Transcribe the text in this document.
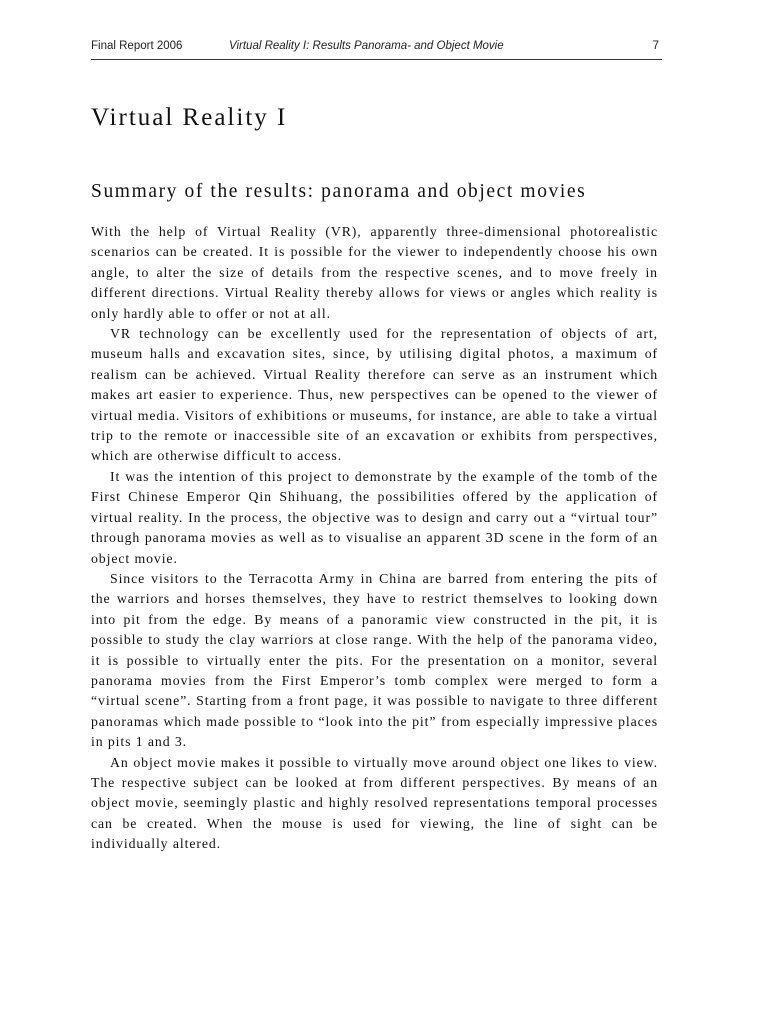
Final Report 2006	Virtual Reality I: Results Panorama- and Object Movie	7
Virtual Reality I
Summary of the results: panorama and object movies

With the help of Virtual Reality (VR), apparently three-dimensional photorealistic scenarios can be created. It is possible for the viewer to independently choose his own angle, to alter the size of details from the respective scenes, and to move freely in different directions. Virtual Reality thereby allows for views or angles which reality is only hardly able to offer or not at all.

VR technology can be excellently used for the representation of objects of art, museum halls and excavation sites, since, by utilising digital photos, a maximum of realism can be achieved. Virtual Reality therefore can serve as an instrument which makes art easier to experience. Thus, new perspectives can be opened to the viewer of virtual media. Visitors of exhibitions or museums, for instance, are able to take a virtual trip to the remote or inaccessible site of an excavation or exhibits from perspectives, which are otherwise difficult to access.

It was the intention of this project to demonstrate by the example of the tomb of the First Chinese Emperor Qin Shihuang, the possibilities offered by the application of virtual reality. In the process, the objective was to design and carry out a “virtual tour” through panorama movies as well as to visualise an apparent 3D scene in the form of an object movie.

Since visitors to the Terracotta Army in China are barred from entering the pits of the warriors and horses themselves, they have to restrict themselves to looking down into pit from the edge. By means of a panoramic view constructed in the pit, it is possible to study the clay warriors at close range. With the help of the panorama video, it is possible to virtually enter the pits. For the presentation on a monitor, several panorama movies from the First Emperor’s tomb complex were merged to form a “virtual scene”. Starting from a front page, it was possible to navigate to three different panoramas which made possible to “look into the pit” from especially impressive places in pits 1 and 3.

An object movie makes it possible to virtually move around object one likes to view. The respective subject can be looked at from different perspectives. By means of an object movie, seemingly plastic and highly resolved representations temporal processes can be created. When the mouse is used for viewing, the line of sight can be individually altered.
